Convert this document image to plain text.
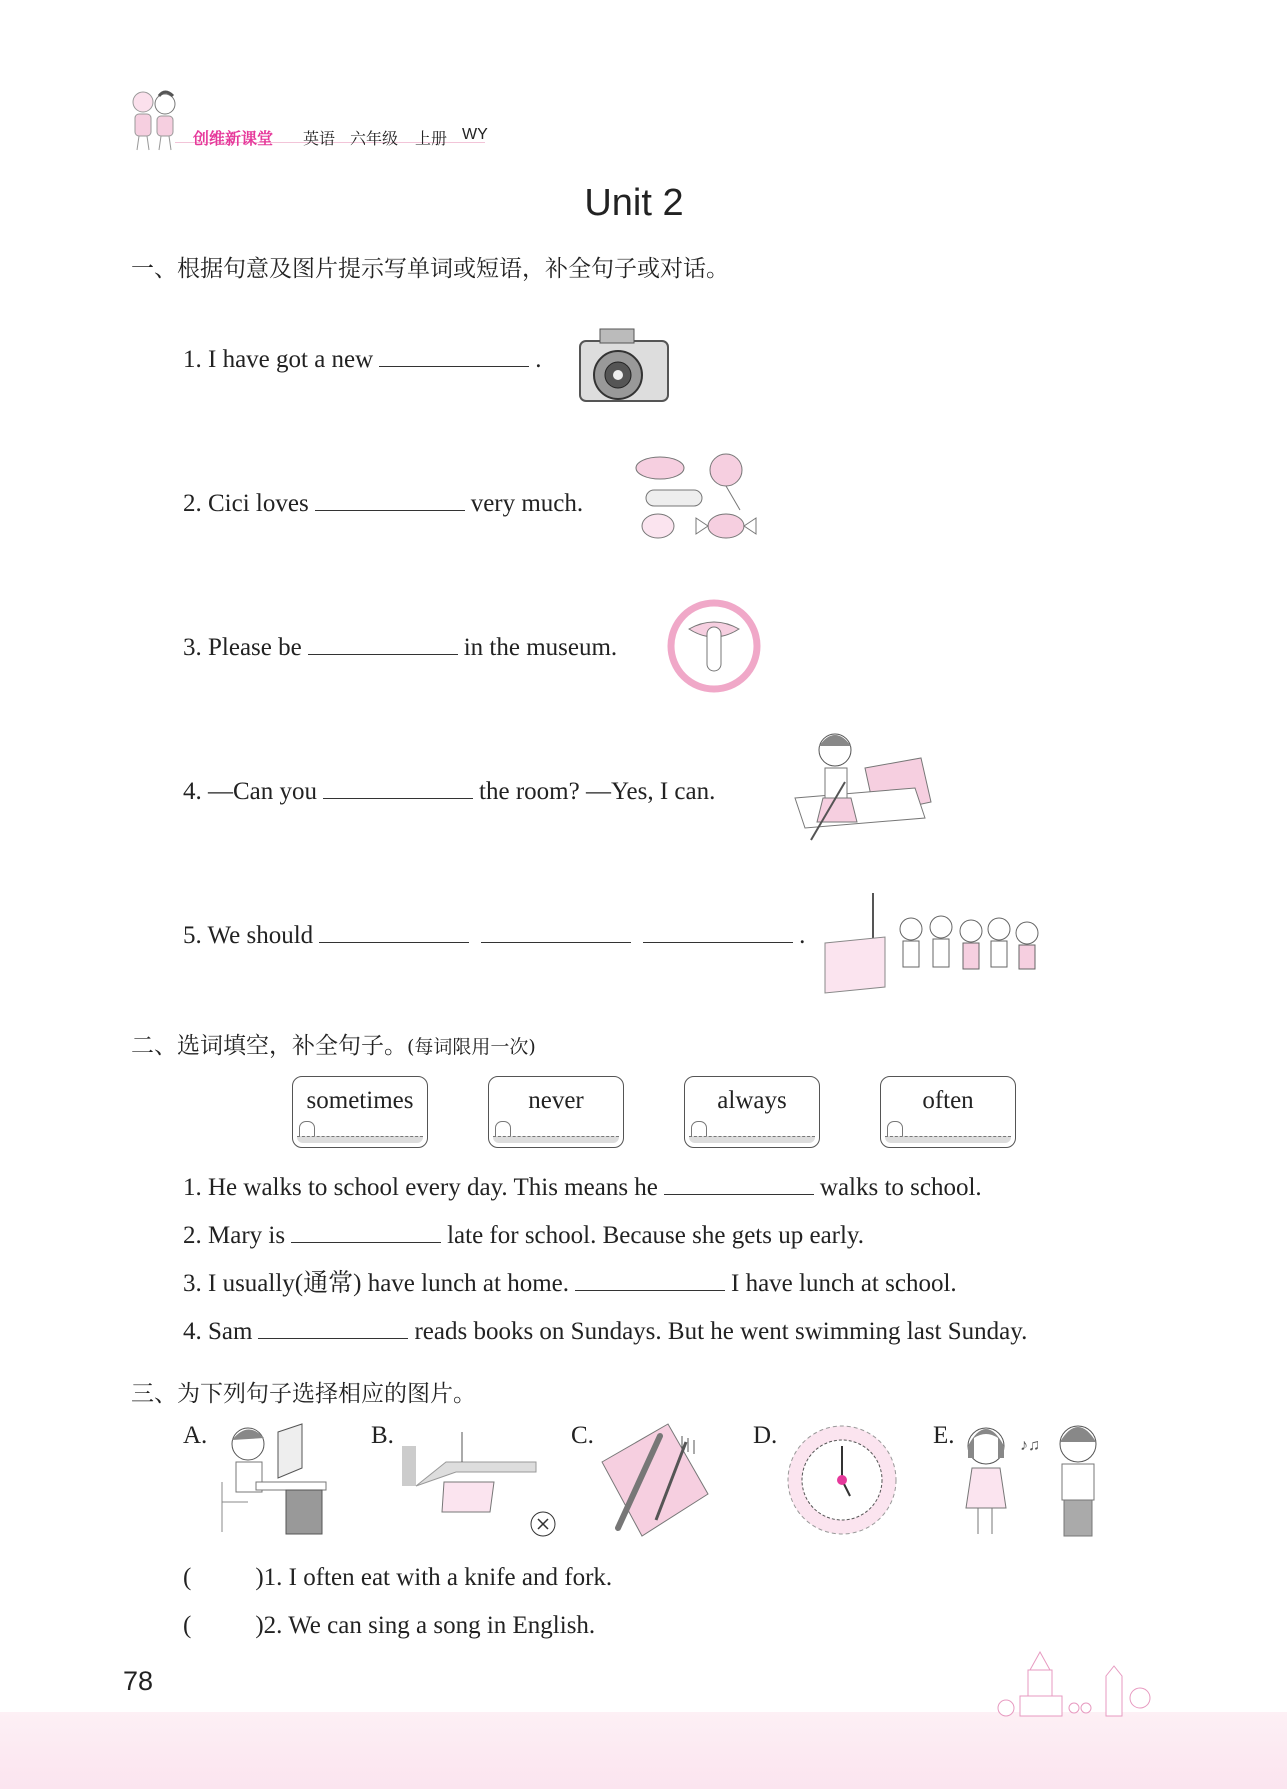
创维新课堂 英语 六年级 上册 WY
Unit 2
一、根据句意及图片提示写单词或短语，补全句子或对话。
1. I have got a new	.
2. Cici loves	very much.
3. Please be	in the museum.
4. —Can you	the room? —Yes, I can.
5. We should	.
二、选词填空，补全句子。(每词限用一次)
sometimes	never	always	often
1. He walks to school every day. This means he	walks to school.
2. Mary is	late for school. Because she gets up early.
3. I usually(通常) have lunch at home.	I have lunch at school.
4. Sam	reads books on Sundays. But he went swimming last Sunday.
三、为下列句子选择相应的图片。
A.	B.	C.	D.	E.	♪♫
(	)1. I often eat with a knife and fork.
(	)2. We can sing a song in English.
78
